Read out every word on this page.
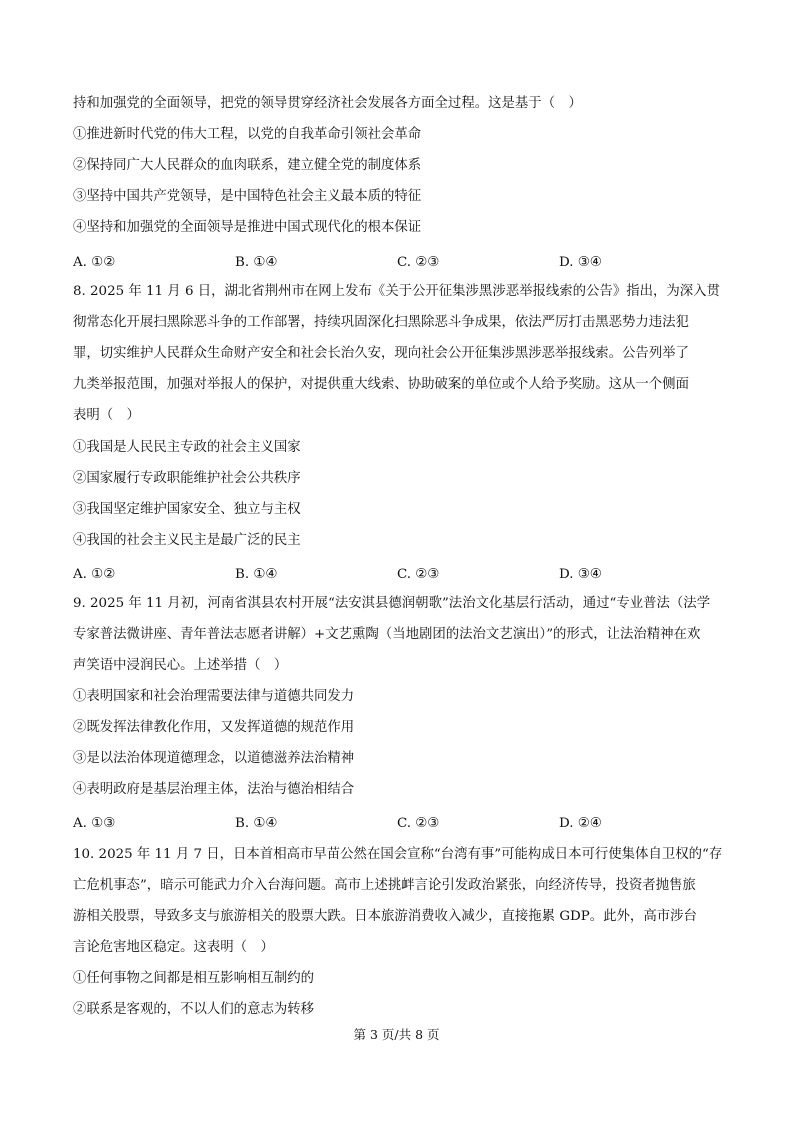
持和加强党的全面领导，把党的领导贯穿经济社会发展各方面全过程。这是基于（　）
①推进新时代党的伟大工程，以党的自我革命引领社会革命
②保持同广大人民群众的血肉联系，建立健全党的制度体系
③坚持中国共产党领导，是中国特色社会主义最本质的特征
④坚持和加强党的全面领导是推进中国式现代化的根本保证
A. ①②	B. ①④	C. ②③	D. ③④
8. 2025 年 11 月 6 日，湖北省荆州市在网上发布《关于公开征集涉黑涉恶举报线索的公告》指出，为深入贯
彻常态化开展扫黑除恶斗争的工作部署，持续巩固深化扫黑除恶斗争成果，依法严厉打击黑恶势力违法犯
罪，切实维护人民群众生命财产安全和社会长治久安，现向社会公开征集涉黑涉恶举报线索。公告列举了
九类举报范围，加强对举报人的保护，对提供重大线索、协助破案的单位或个人给予奖励。这从一个侧面
表明（　）
①我国是人民民主专政的社会主义国家
②国家履行专政职能维护社会公共秩序
③我国坚定维护国家安全、独立与主权
④我国的社会主义民主是最广泛的民主
A. ①②	B. ①④	C. ②③	D. ③④
9. 2025 年 11 月初，河南省淇县农村开展“法安淇县德润朝歌”法治文化基层行活动，通过“专业普法（法学
专家普法微讲座、青年普法志愿者讲解）+文艺熏陶（当地剧团的法治文艺演出）”的形式，让法治精神在欢
声笑语中浸润民心。上述举措（　）
①表明国家和社会治理需要法律与道德共同发力
②既发挥法律教化作用，又发挥道德的规范作用
③是以法治体现道德理念，以道德滋养法治精神
④表明政府是基层治理主体，法治与德治相结合
A. ①③	B. ①④	C. ②③	D. ②④
10. 2025 年 11 月 7 日，日本首相高市早苗公然在国会宣称“台湾有事”可能构成日本可行使集体自卫权的“存
亡危机事态”，暗示可能武力介入台海问题。高市上述挑衅言论引发政治紧张，向经济传导，投资者抛售旅
游相关股票，导致多支与旅游相关的股票大跌。日本旅游消费收入减少，直接拖累 GDP。此外，高市涉台
言论危害地区稳定。这表明（　）
①任何事物之间都是相互影响相互制约的
②联系是客观的，不以人们的意志为转移
第 3 页/共 8 页
